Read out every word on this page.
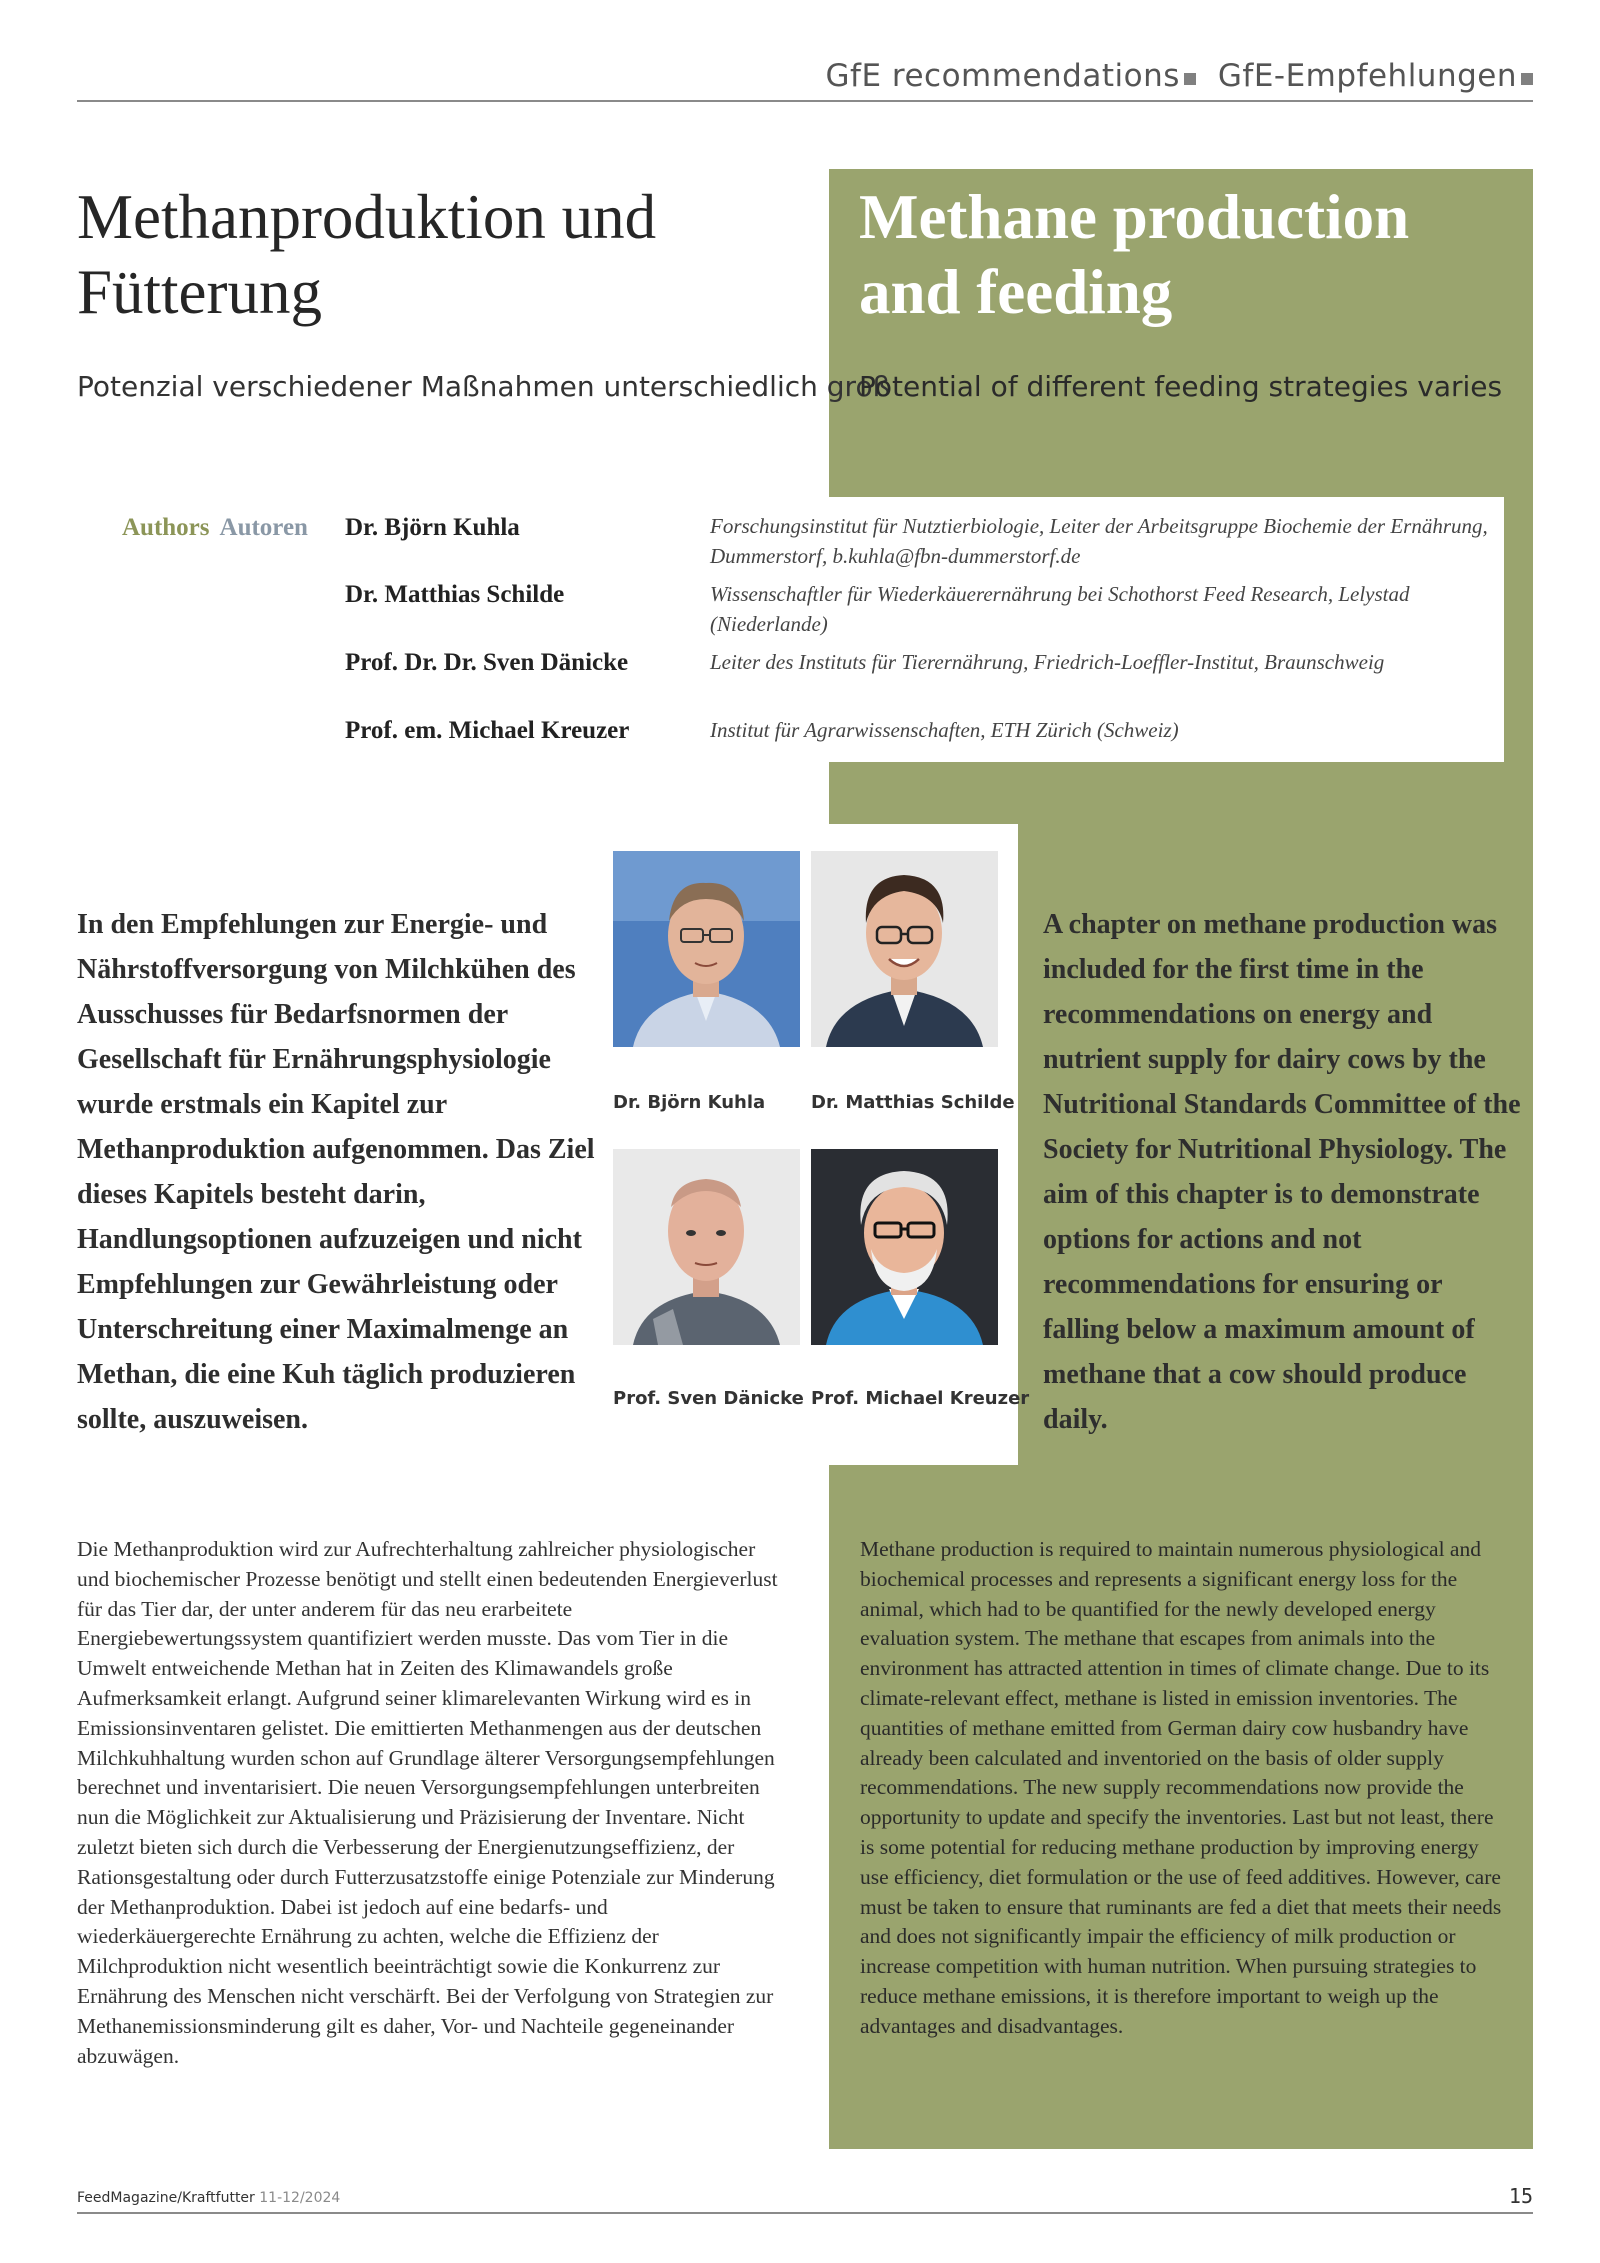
GfE recommendations GfE-Empfehlungen
Methanproduktion und Fütterung
Methane production and feeding
Potenzial verschiedener Maßnahmen unterschiedlich groß
Potential of different feeding strategies varies
Authors Autoren Dr. Björn Kuhla	Forschungsinstitut für Nutztierbiologie, Leiter der Arbeitsgruppe Biochemie der Ernährung, Dummerstorf, b.kuhla@fbn-dummerstorf.de
Dr. Matthias Schilde	Wissenschaftler für Wiederkäuerernährung bei Schothorst Feed Research, Lelystad (Niederlande)
Prof. Dr. Dr. Sven Dänicke	Leiter des Instituts für Tierernährung, Friedrich-Loeffler-Institut, Braunschweig
Prof. em. Michael Kreuzer	Institut für Agrarwissenschaften, ETH Zürich (Schweiz)
Dr. Björn Kuhla	Dr. Matthias Schilde
Prof. Sven Dänicke Prof. Michael Kreuzer

In den Empfehlungen zur Energie- und Nährstoffversorgung von Milchkühen des Ausschusses für Bedarfsnormen der Gesellschaft für Ernährungsphysiologie wurde erstmals ein Kapitel zur Methanproduktion aufgenommen. Das Ziel dieses Kapitels besteht darin, Handlungsoptionen aufzuzeigen und nicht Empfehlungen zur Gewährleistung oder Unterschreitung einer Maximalmenge an Methan, die eine Kuh täglich produzieren sollte, auszuweisen.

A chapter on methane production was included for the first time in the recommendations on energy and nutrient supply for dairy cows by the Nutritional Standards Committee of the Society for Nutritional Physiology. The aim of this chapter is to demonstrate options for actions and not recommendations for ensuring or falling below a maximum amount of methane that a cow should produce daily.

Die Methanproduktion wird zur Aufrechterhaltung zahlreicher physiologischer und biochemischer Prozesse benötigt und stellt einen bedeutenden Energieverlust für das Tier dar, der unter anderem für das neu erarbeitete Energiebewertungssystem quantifiziert werden musste. Das vom Tier in die Umwelt entweichende Methan hat in Zeiten des Klimawandels große Aufmerksamkeit erlangt. Aufgrund seiner klimarelevanten Wirkung wird es in Emissionsinventaren gelistet. Die emittierten Methanmengen aus der deutschen Milchkuhhaltung wurden schon auf Grundlage älterer Versorgungsempfehlungen berechnet und inventarisiert. Die neuen Versorgungsempfehlungen unterbreiten nun die Möglichkeit zur Aktualisierung und Präzisierung der Inventare. Nicht zuletzt bieten sich durch die Verbesserung der Energienutzungseffizienz, der Rationsgestaltung oder durch Futterzusatzstoffe einige Potenziale zur Minderung der Methanproduktion. Dabei ist jedoch auf eine bedarfs- und wiederkäuergerechte Ernährung zu achten, welche die Effizienz der Milchproduktion nicht wesentlich beeinträchtigt sowie die Konkurrenz zur Ernährung des Menschen nicht verschärft. Bei der Verfolgung von Strategien zur Methanemissionsminderung gilt es daher, Vor- und Nachteile gegeneinander abzuwägen.

Methane production is required to maintain numerous physiological and biochemical processes and represents a significant energy loss for the animal, which had to be quantified for the newly developed energy evaluation system. The methane that escapes from animals into the environment has attracted attention in times of climate change. Due to its climate-relevant effect, methane is listed in emission inventories. The quantities of methane emitted from German dairy cow husbandry have already been calculated and inventoried on the basis of older supply recommendations. The new supply recommendations now provide the opportunity to update and specify the inventories. Last but not least, there is some potential for reducing methane production by improving energy use efficiency, diet formulation or the use of feed additives. However, care must be taken to ensure that ruminants are fed a diet that meets their needs and does not significantly impair the efficiency of milk production or increase competition with human nutrition. When pursuing strategies to reduce methane emissions, it is therefore important to weigh up the advantages and disadvantages.

FeedMagazine/Kraftfutter 11-12/2024	15
